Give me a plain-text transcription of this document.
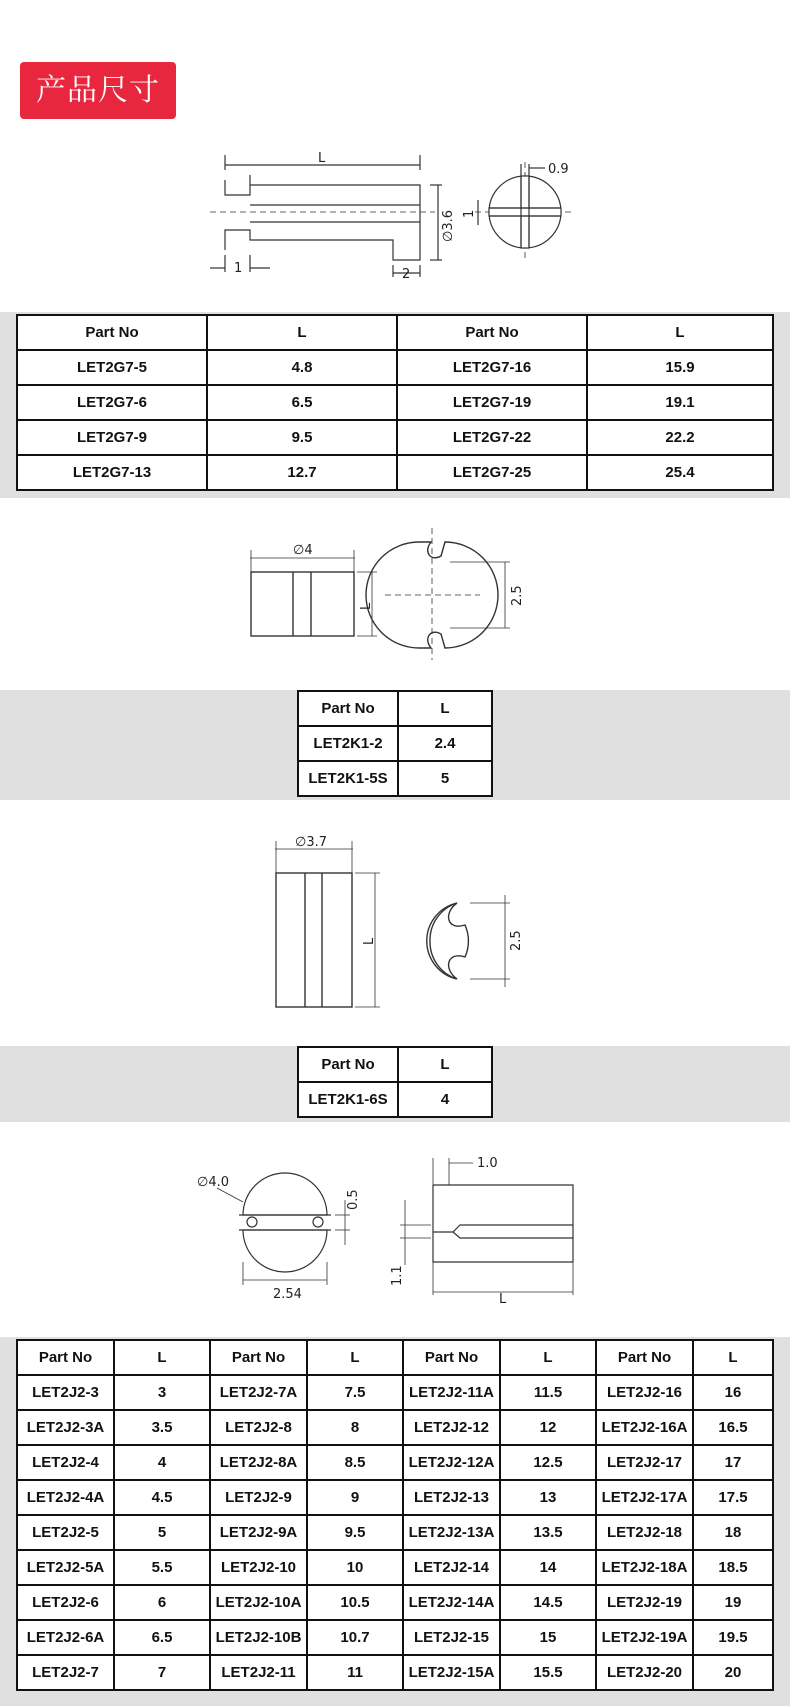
产品尺寸
L
∅3.6
0.9
1
1	2
Part No	L	Part No	L
LET2G7-5	4.8	LET2G7-16	15.9
LET2G7-6	6.5	LET2G7-19	19.1
LET2G7-9	9.5	LET2G7-22	22.2
LET2G7-13	12.7	LET2G7-25	25.4
∅4
L
2.5
Part No	L
LET2K1-2	2.4
LET2K1-5S	5
∅3.7
L	2.5
Part No	L
LET2K1-6S	4
∅4.0
0.5
2.54
1.0
1.1
L
Part No	L	Part No	L	Part No	L	Part No	L
LET2J2-3	3	LET2J2-7A	7.5	LET2J2-11A	11.5	LET2J2-16	16
LET2J2-3A	3.5	LET2J2-8	8	LET2J2-12	12	LET2J2-16A	16.5
LET2J2-4	4	LET2J2-8A	8.5	LET2J2-12A	12.5	LET2J2-17	17
LET2J2-4A	4.5	LET2J2-9	9	LET2J2-13	13	LET2J2-17A	17.5
LET2J2-5	5	LET2J2-9A	9.5	LET2J2-13A	13.5	LET2J2-18	18
LET2J2-5A	5.5	LET2J2-10	10	LET2J2-14	14	LET2J2-18A	18.5
LET2J2-6	6	LET2J2-10A	10.5	LET2J2-14A	14.5	LET2J2-19	19
LET2J2-6A	6.5	LET2J2-10B	10.7	LET2J2-15	15	LET2J2-19A	19.5
LET2J2-7	7	LET2J2-11	11	LET2J2-15A	15.5	LET2J2-20	20
